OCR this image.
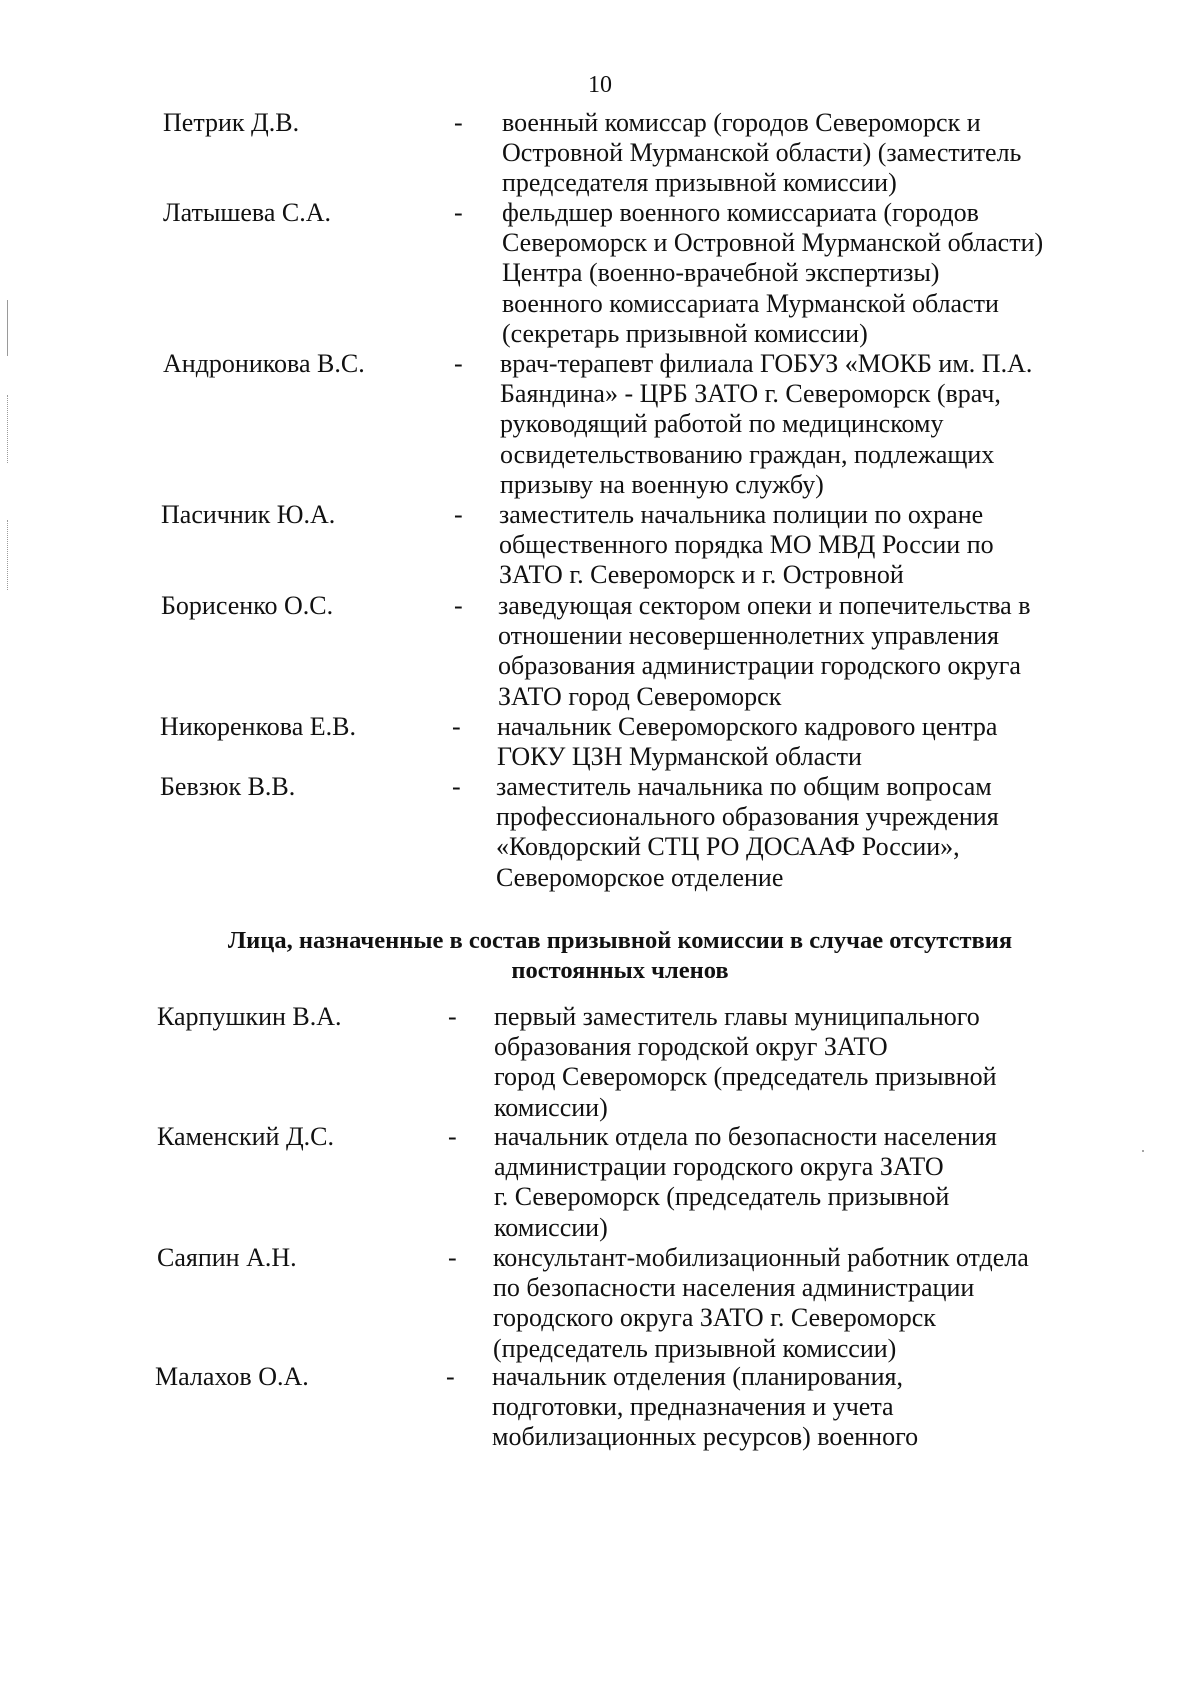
10
Петрик Д.В.	- военный комиссар (городов Североморск и
Островной Мурманской области) (заместитель
председателя призывной комиссии)
Латышева С.А.	- фельдшер военного комиссариата (городов
Североморск и Островной Мурманской области)
Центра (военно-врачебной экспертизы)
военного комиссариата Мурманской области
(секретарь призывной комиссии)
Андроникова В.С.	- врач-терапевт филиала ГОБУЗ «МОКБ им. П.А.
Баяндина» - ЦРБ ЗАТО г. Североморск (врач,
руководящий работой по медицинскому
освидетельствованию граждан, подлежащих
призыву на военную службу)
Пасичник Ю.А.	- заместитель начальника полиции по охране
общественного порядка МО МВД России по
ЗАТО г. Североморск и г. Островной
Борисенко О.С.	- заведующая сектором опеки и попечительства в
отношении несовершеннолетних управления
образования администрации городского округа
ЗАТО город Североморск
Никоренкова Е.В.	- начальник Североморского кадрового центра
ГОКУ ЦЗН Мурманской области
Бевзюк В.В.	- заместитель начальника по общим вопросам
профессионального образования учреждения
«Ковдорский СТЦ РО ДОСААФ России»,
Североморское отделение
Лица, назначенные в состав призывной комиссии в случае отсутствия
постоянных членов
Карпушкин В.А.	- первый заместитель главы муниципального
образования городской округ ЗАТО
город Североморск (председатель призывной
комиссии)
Каменский Д.С.	- начальник отдела по безопасности населения
администрации городского округа ЗАТО
г. Североморск (председатель призывной
комиссии)
Саяпин А.Н.	- консультант-мобилизационный работник отдела
по безопасности населения администрации
городского округа ЗАТО г. Североморск
(председатель призывной комиссии)
Малахов О.А.	- начальник отделения (планирования,
подготовки, предназначения и учета
мобилизационных ресурсов) военного
